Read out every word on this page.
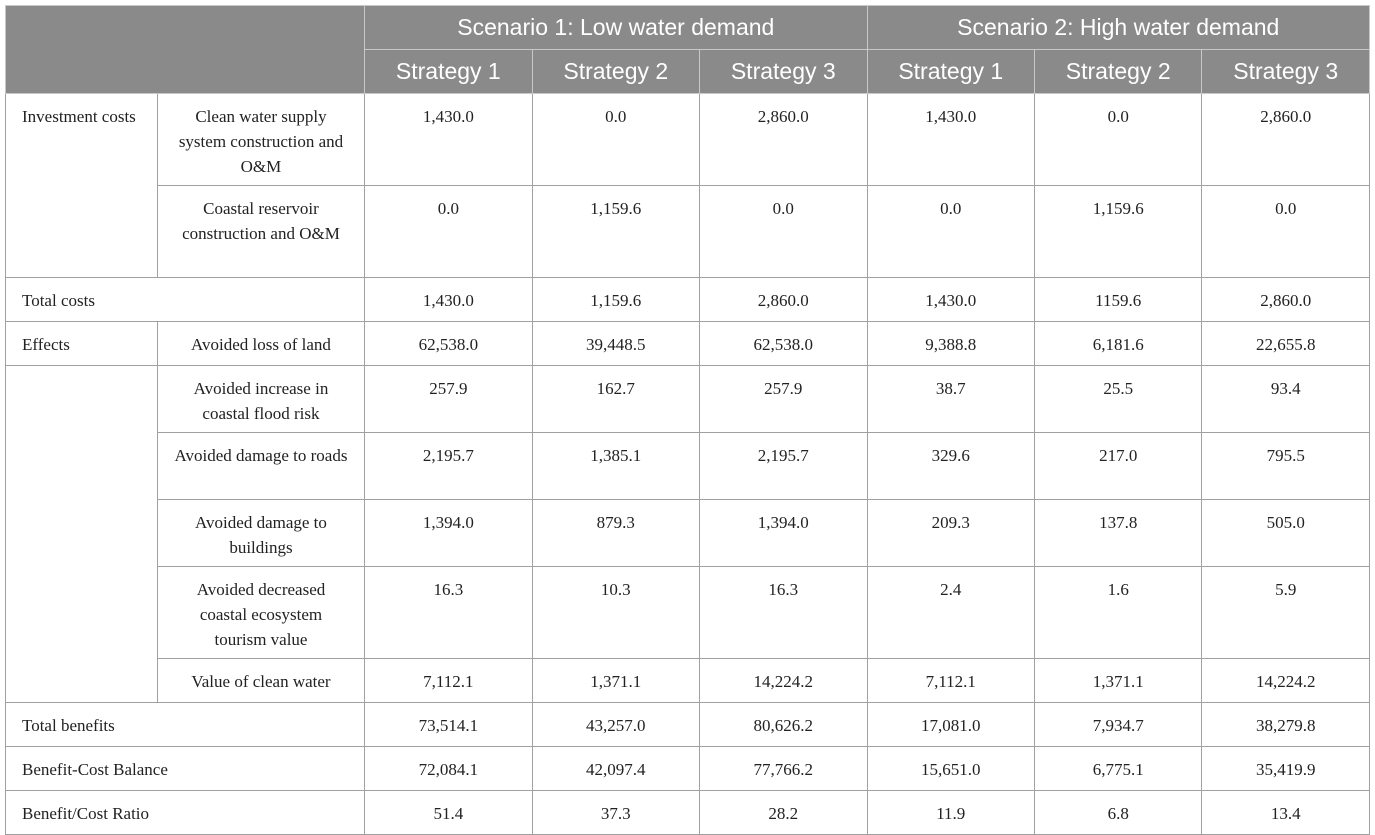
		Scenario 1: Low water demand			Scenario 2: High water demand		
		Strategy 1	Strategy 2	Strategy 3	Strategy 1	Strategy 2	Strategy 3
Investment costs	Clean water supply system construction and O&M	1,430.0	0.0	2,860.0	1,430.0	0.0	2,860.0
	Coastal reservoir construction and O&M	0.0	1,159.6	0.0	0.0	1,159.6	0.0
Total costs		1,430.0	1,159.6	2,860.0	1,430.0	1159.6	2,860.0
Effects	Avoided loss of land	62,538.0	39,448.5	62,538.0	9,388.8	6,181.6	22,655.8
	Avoided increase in coastal flood risk	257.9	162.7	257.9	38.7	25.5	93.4
	Avoided damage to roads	2,195.7	1,385.1	2,195.7	329.6	217.0	795.5
	Avoided damage to buildings	1,394.0	879.3	1,394.0	209.3	137.8	505.0
	Avoided decreased coastal ecosystem tourism value	16.3	10.3	16.3	2.4	1.6	5.9
	Value of clean water	7,112.1	1,371.1	14,224.2	7,112.1	1,371.1	14,224.2
Total benefits		73,514.1	43,257.0	80,626.2	17,081.0	7,934.7	38,279.8
Benefit-Cost Balance		72,084.1	42,097.4	77,766.2	15,651.0	6,775.1	35,419.9
Benefit/Cost Ratio		51.4	37.3	28.2	11.9	6.8	13.4
